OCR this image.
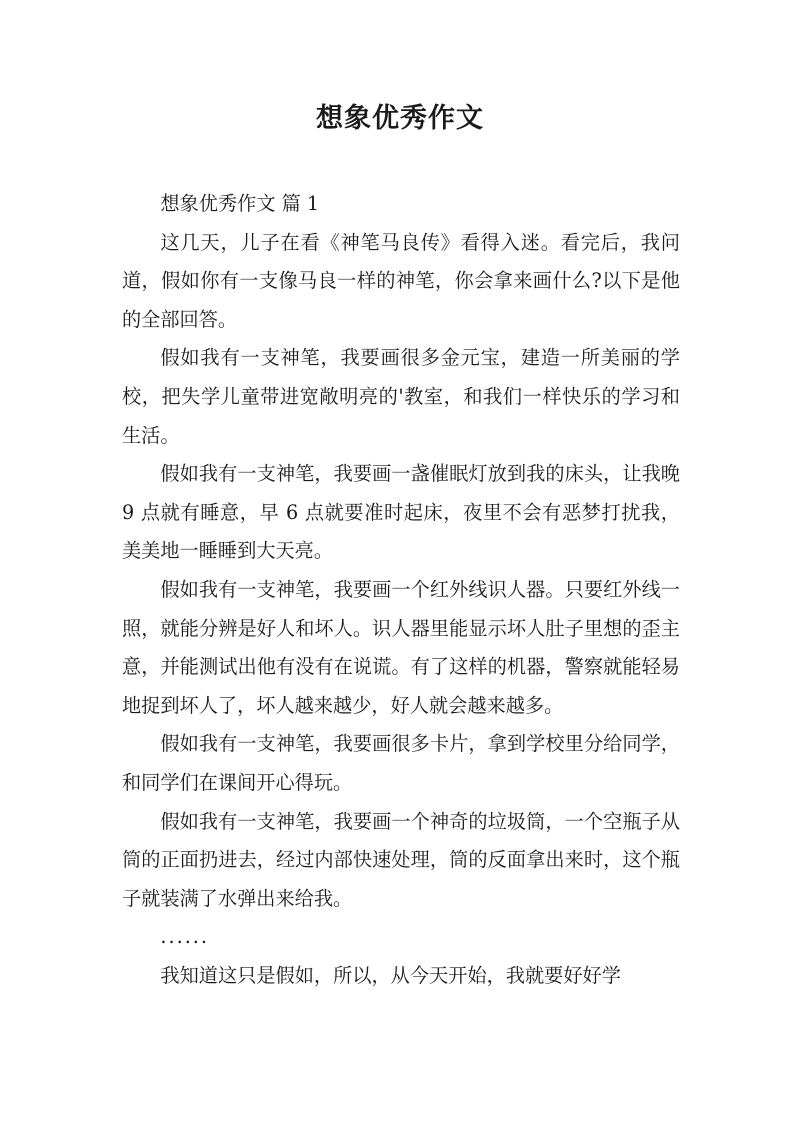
想象优秀作文

想象优秀作文 篇 1

这几天，儿子在看《神笔马良传》看得入迷。看完后，我问道，假如你有一支像马良一样的神笔，你会拿来画什么?以下是他的全部回答。

假如我有一支神笔，我要画很多金元宝，建造一所美丽的学校，把失学儿童带进宽敞明亮的'教室，和我们一样快乐的学习和生活。

假如我有一支神笔，我要画一盏催眠灯放到我的床头，让我晚 9 点就有睡意，早 6 点就要准时起床，夜里不会有恶梦打扰我，美美地一睡睡到大天亮。

假如我有一支神笔，我要画一个红外线识人器。只要红外线一照，就能分辨是好人和坏人。识人器里能显示坏人肚子里想的歪主意，并能测试出他有没有在说谎。有了这样的机器，警察就能轻易地捉到坏人了，坏人越来越少，好人就会越来越多。

假如我有一支神笔，我要画很多卡片，拿到学校里分给同学，和同学们在课间开心得玩。

假如我有一支神笔，我要画一个神奇的垃圾筒，一个空瓶子从筒的正面扔进去，经过内部快速处理，筒的反面拿出来时，这个瓶子就装满了水弹出来给我。

......

我知道这只是假如，所以，从今天开始，我就要好好学
